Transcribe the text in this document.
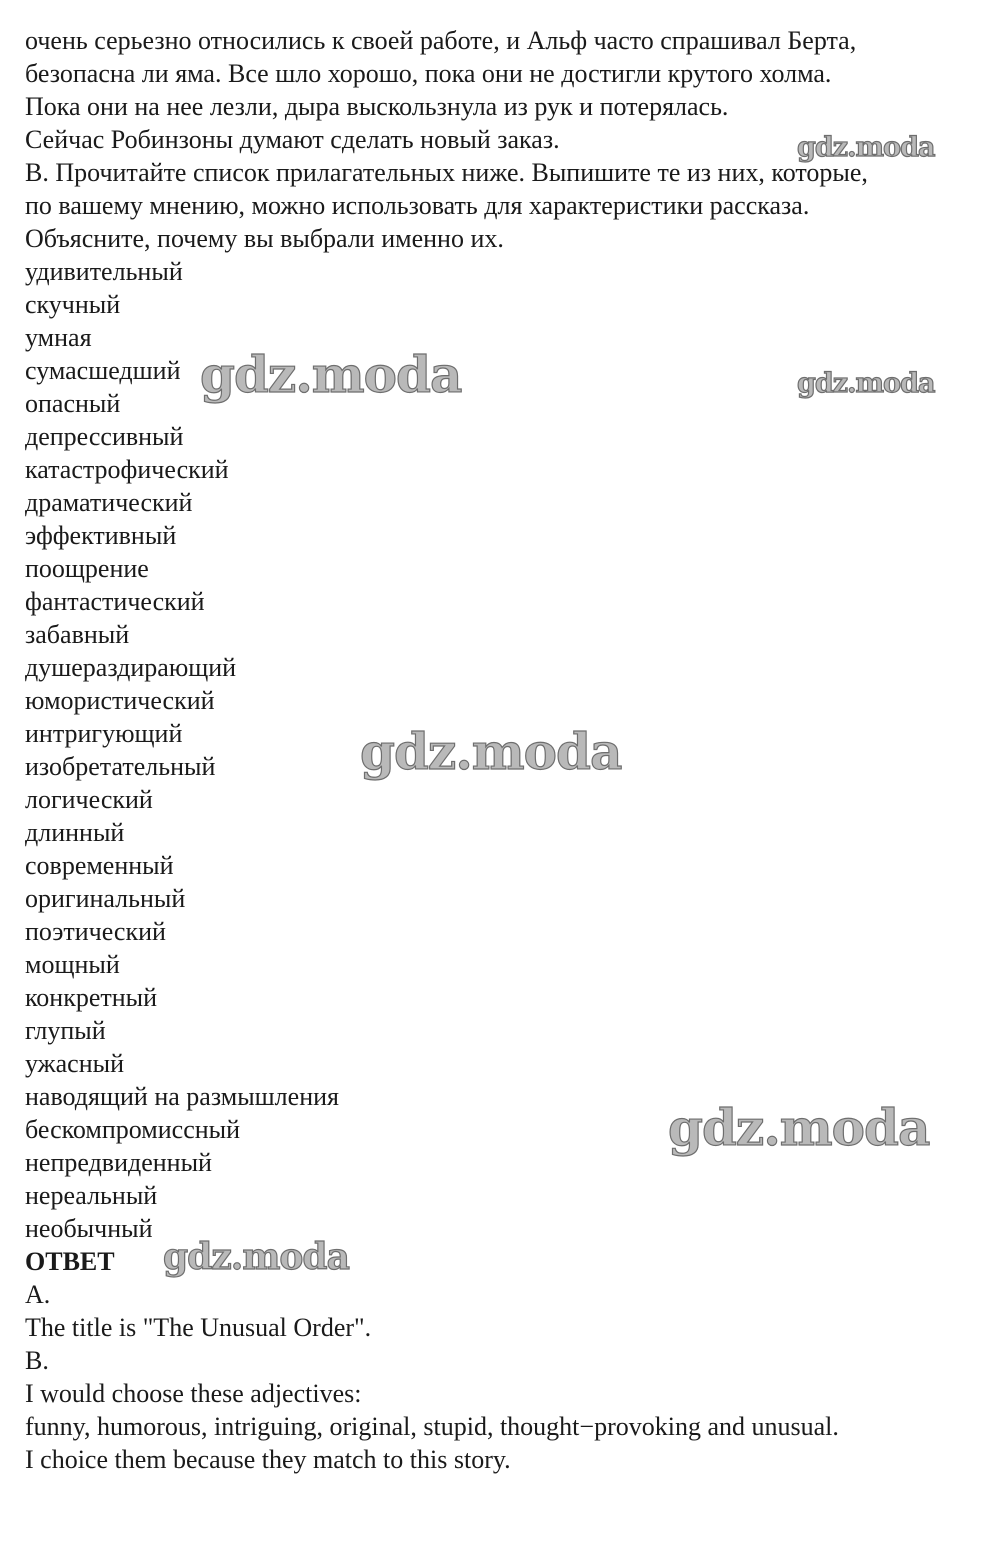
очень серьезно относились к своей работе, и Альф часто спрашивал Берта,
безопасна ли яма. Все шло хорошо, пока они не достигли крутого холма.
Пока они на нее лезли, дыра выскользнула из рук и потерялась.
Сейчас Робинзоны думают сделать новый заказ.
B. Прочитайте список прилагательных ниже. Выпишите те из них, которые,
по вашему мнению, можно использовать для характеристики рассказа.
Объясните, почему вы выбрали именно их.
удивительный
скучный
умная
сумасшедший
опасный
депрессивный
катастрофический
драматический
эффективный
поощрение
фантастический
забавный
душераздирающий
юмористический
интригующий
изобретательный
логический
длинный
современный
оригинальный
поэтический
мощный
конкретный
глупый
ужасный
наводящий на размышления
бескомпромиссный
непредвиденный
нереальный
необычный
ОТВЕТ
A.
The title is "The Unusual Order".
B.
I would choose these adjectives:
funny, humorous, intriguing, original, stupid, thought−provoking and unusual.
I choice them because they match to this story.
gdz.moda
gdz.moda	gdz.moda
gdz.moda
gdz.moda
gdz.moda
